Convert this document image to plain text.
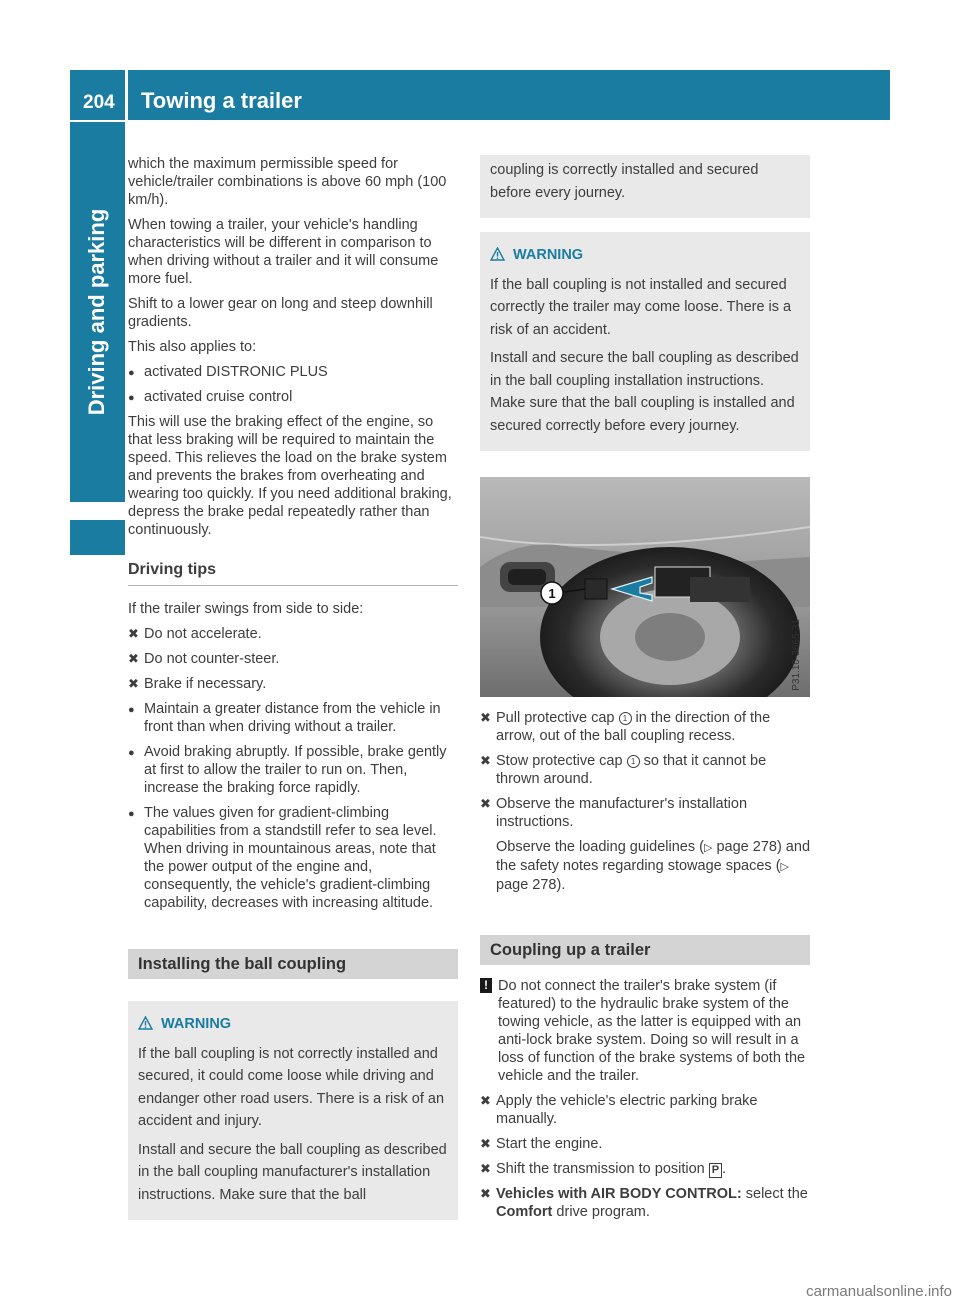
204 Towing a trailer
Driving and parking

which the maximum permissible speed for vehicle/trailer combinations is above 60 mph (100 km/h).

When towing a trailer, your vehicle's handling characteristics will be different in comparison to when driving without a trailer and it will consume more fuel.

Shift to a lower gear on long and steep downhill gradients.

This also applies to:

● activated DISTRONIC PLUS
● activated cruise control

This will use the braking effect of the engine, so that less braking will be required to maintain the speed. This relieves the load on the brake system and prevents the brakes from overheating and wearing too quickly. If you need additional braking, depress the brake pedal repeatedly rather than continuously.

Driving tips

If the trailer swings from side to side:

✖ Do not accelerate.
✖ Do not counter-steer.
✖ Brake if necessary.
● Maintain a greater distance from the vehicle in front than when driving without a trailer.
● Avoid braking abruptly. If possible, brake gently at first to allow the trailer to run on. Then, increase the braking force rapidly.
● The values given for gradient-climbing capabilities from a standstill refer to sea level. When driving in mountainous areas, note that the power output of the engine and, consequently, the vehicle's gradient-climbing capability, decreases with increasing altitude.
Installing the ball coupling
WARNING

If the ball coupling is not correctly installed and secured, it could come loose while driving and endanger other road users. There is a risk of an accident and injury.

Install and secure the ball coupling as described in the ball coupling manufacturer's installation instructions. Make sure that the ball

coupling is correctly installed and secured before every journey.

WARNING

If the ball coupling is not installed and secured correctly the trailer may come loose. There is a risk of an accident.

Install and secure the ball coupling as described in the ball coupling installation instructions. Make sure that the ball coupling is installed and secured correctly before every journey.

1
P31.10-3665-31
✖ Pull protective cap 1 in the direction of the arrow, out of the ball coupling recess.
✖ Stow protective cap 1 so that it cannot be thrown around.
✖ Observe the manufacturer's installation instructions.
Observe the loading guidelines (▷ page 278) and the safety notes regarding stowage spaces (▷ page 278).
Coupling up a trailer
! Do not connect the trailer's brake system (if featured) to the hydraulic brake system of the towing vehicle, as the latter is equipped with an anti-lock brake system. Doing so will result in a loss of function of the brake systems of both the vehicle and the trailer.
✖ Apply the vehicle's electric parking brake manually.
✖ Start the engine.
✖ Shift the transmission to position P .
✖ Vehicles with AIR BODY CONTROL: select the Comfort drive program.
carmanualsonline.info
